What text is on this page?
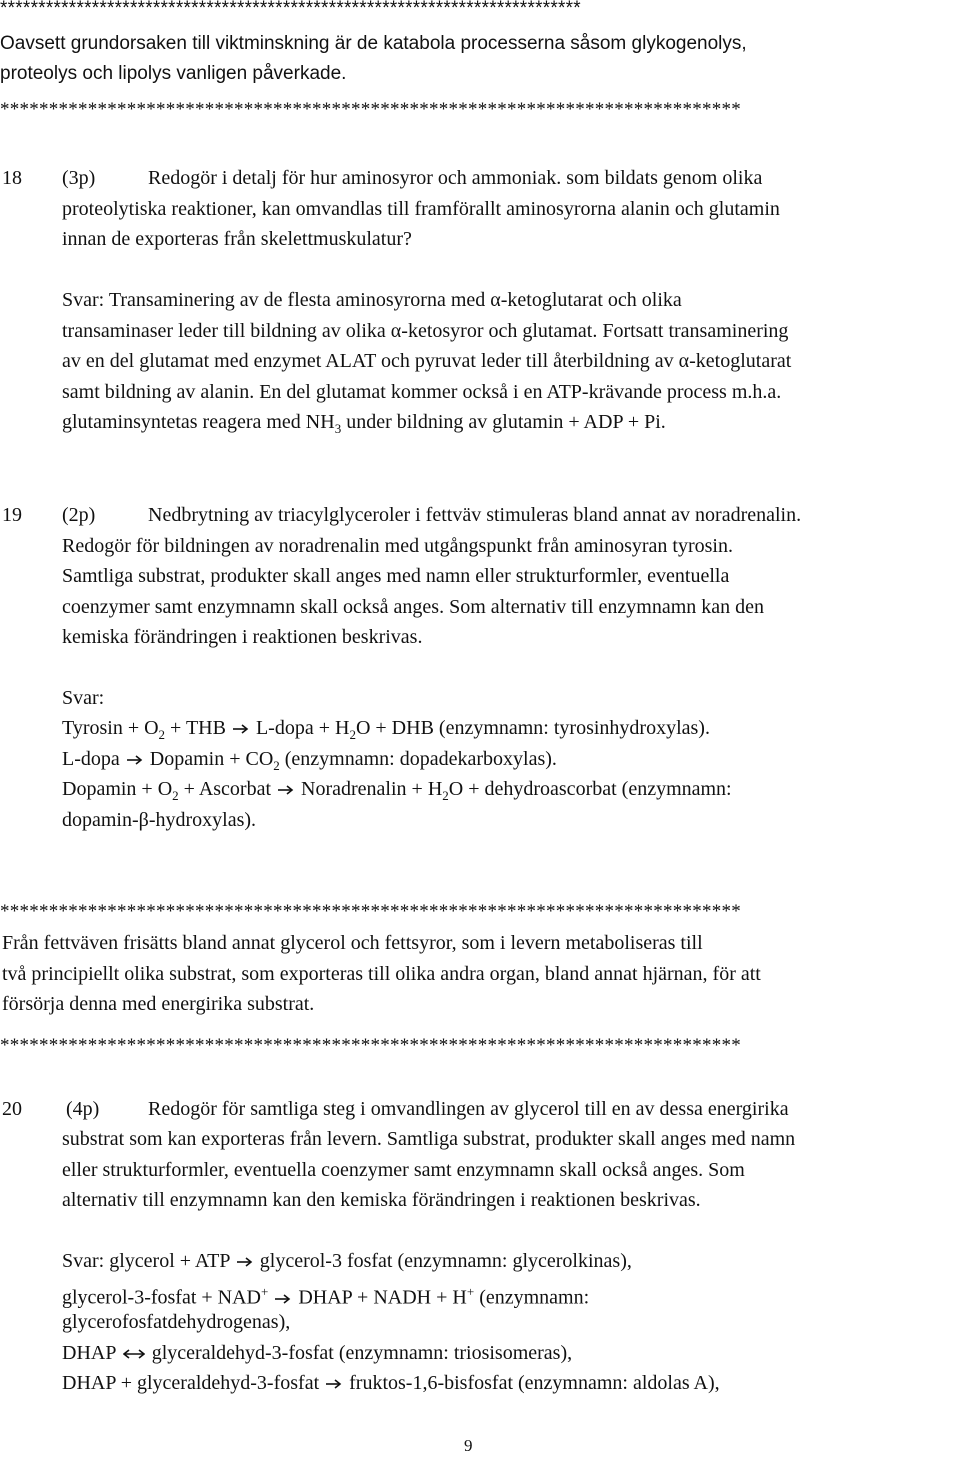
****************************************************************************
Oavsett grundorsaken till viktminskning är de katabola processerna såsom glykogenolys,
proteolys och lipolys vanligen påverkade.
****************************************************************************
18 (3p)	Redogör i detalj för hur aminosyror och ammoniak. som bildats genom olika
proteolytiska reaktioner, kan omvandlas till framförallt aminosyrorna alanin och glutamin
innan de exporteras från skelettmuskulatur?
Svar: Transaminering av de flesta aminosyrorna med α-ketoglutarat och olika
transaminaser leder till bildning av olika α-ketosyror och glutamat. Fortsatt transaminering
av en del glutamat med enzymet ALAT och pyruvat leder till återbildning av α-ketoglutarat
samt bildning av alanin. En del glutamat kommer också i en ATP-krävande process m.h.a.
glutaminsyntetas reagera med $NH_3$ under bildning av glutamin + ADP + Pi.
19 (2p)	Nedbrytning av triacylglyceroler i fettväv stimuleras bland annat av noradrenalin.
Redogör för bildningen av noradrenalin med utgångspunkt från aminosyran tyrosin.
Samtliga substrat, produkter skall anges med namn eller strukturformler, eventuella
coenzymer samt enzymnamn skall också anges. Som alternativ till enzymnamn kan den
kemiska förändringen i reaktionen beskrivas.
Svar:
Tyrosin + $O_2$ + THB L-dopa + $H_2O$ + DHB (enzymnamn: tyrosinhydroxylas).
L-dopa Dopamin + $CO_2$ (enzymnamn: dopadekarboxylas).
Dopamin + $O_2$ + Ascorbat Noradrenalin + $H_2O$ + dehydroascorbat (enzymnamn:
dopamin-β-hydroxylas).
****************************************************************************
Från fettväven frisätts bland annat glycerol och fettsyror, som i levern metaboliseras till
två principiellt olika substrat, som exporteras till olika andra organ, bland annat hjärnan, för att
försörja denna med energirika substrat.
****************************************************************************
20 (4p) Redogör för samtliga steg i omvandlingen av glycerol till en av dessa energirika
substrat som kan exporteras från levern. Samtliga substrat, produkter skall anges med namn
eller strukturformler, eventuella coenzymer samt enzymnamn skall också anges. Som
alternativ till enzymnamn kan den kemiska förändringen i reaktionen beskrivas.
Svar: glycerol + ATP glycerol-3 fosfat (enzymnamn: glycerolkinas),
glycerol-3-fosfat + NAD+ DHAP + NADH + H+ (enzymnamn:
glycerofosfatdehydrogenas),
DHAP glyceraldehyd-3-fosfat (enzymnamn: triosisomeras),
DHAP + glyceraldehyd-3-fosfat fruktos-1,6-bisfosfat (enzymnamn: aldolas A),
9
